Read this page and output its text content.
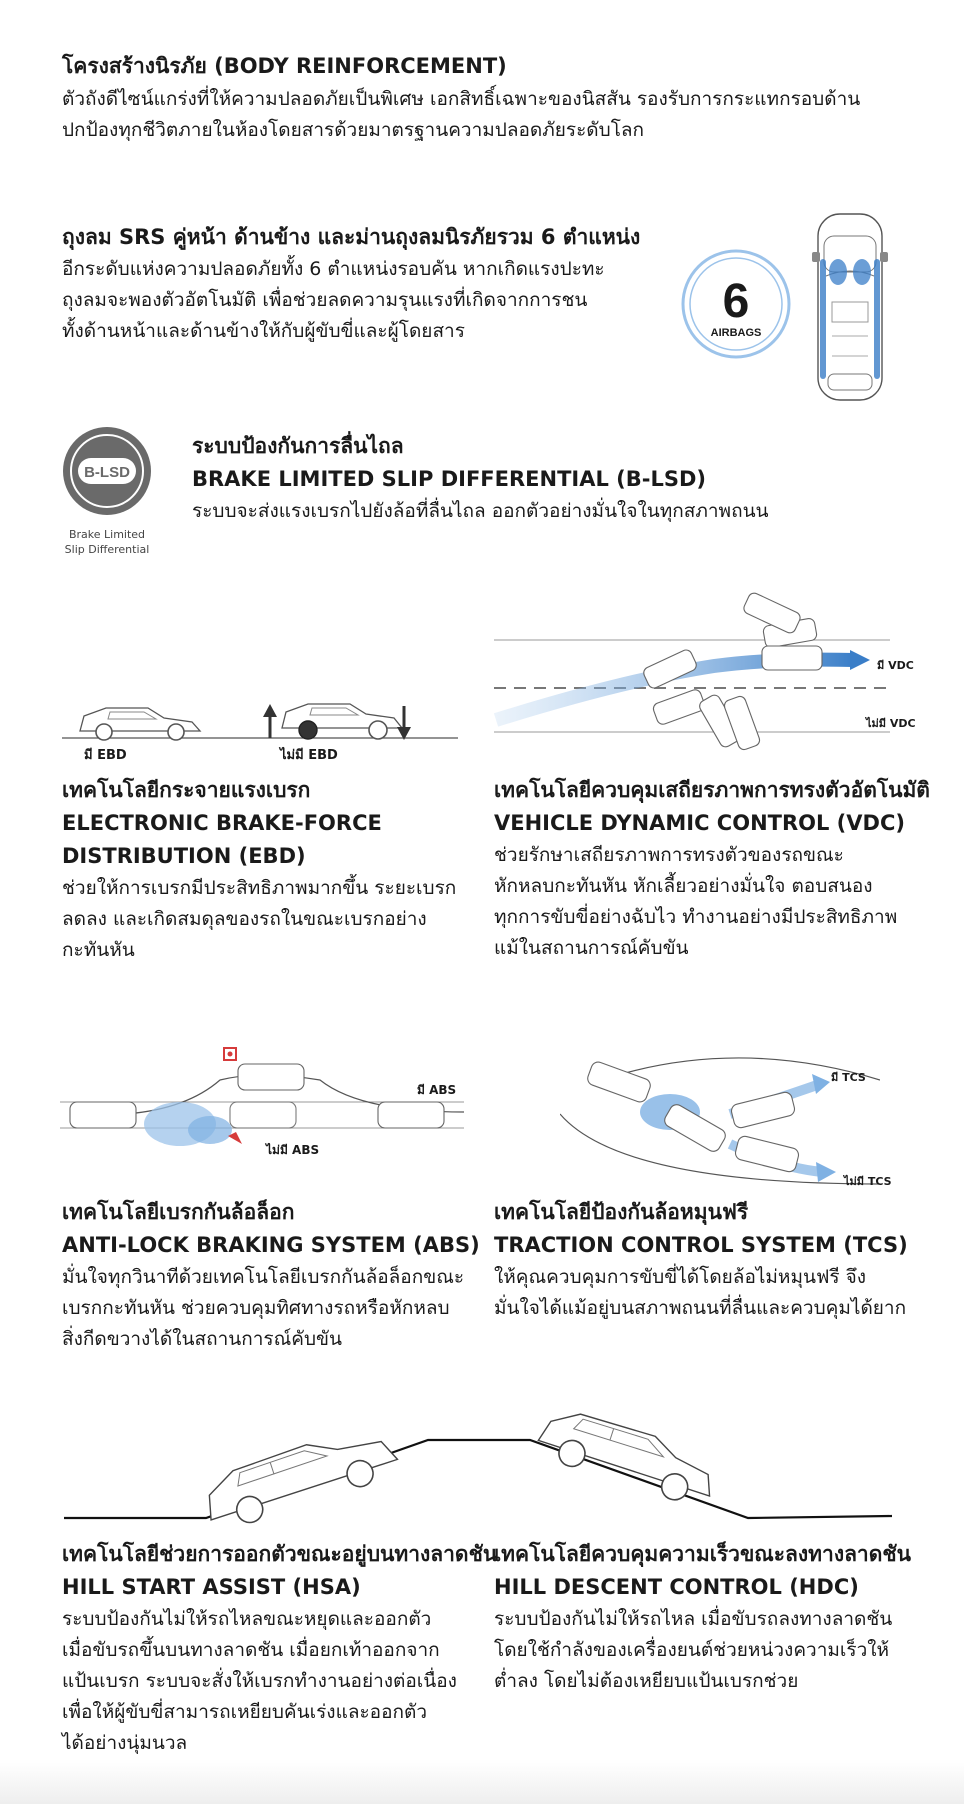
โครงสร้างนิรภัย (BODY REINFORCEMENT)

ตัวถังดีไซน์แกร่งที่ให้ความปลอดภัยเป็นพิเศษ เอกสิทธิ์เฉพาะของนิสสัน รองรับการกระแทกรอบด้าน

ปกป้องทุกชีวิตภายในห้องโดยสารด้วยมาตรฐานความปลอดภัยระดับโลก

ถุงลม SRS คู่หน้า ด้านข้าง และม่านถุงลมนิรภัยรวม 6 ตำแหน่ง

อีกระดับแห่งความปลอดภัยทั้ง 6 ตำแหน่งรอบคัน หากเกิดแรงปะทะ

ถุงลมจะพองตัวอัตโนมัติ เพื่อช่วยลดความรุนแรงที่เกิดจากการชน

ทั้งด้านหน้าและด้านข้างให้กับผู้ขับขี่และผู้โดยสาร

6
AIRBAGS
B-LSD
Brake Limited
Slip Differential

ระบบป้องกันการลื่นไถล

BRAKE LIMITED SLIP DIFFERENTIAL (B-LSD)

ระบบจะส่งแรงเบรกไปยังล้อที่ลื่นไถล ออกตัวอย่างมั่นใจในทุกสภาพถนน

มี EBD	ไม่มี EBD
มี VDC
ไม่มี VDC

เทคโนโลยีกระจายแรงเบรก

ELECTRONIC BRAKE-FORCE

DISTRIBUTION (EBD)

ช่วยให้การเบรกมีประสิทธิภาพมากขึ้น ระยะเบรก

ลดลง และเกิดสมดุลของรถในขณะเบรกอย่าง

กะทันหัน

เทคโนโลยีควบคุมเสถียรภาพการทรงตัวอัตโนมัติ

VEHICLE DYNAMIC CONTROL (VDC)

ช่วยรักษาเสถียรภาพการทรงตัวของรถขณะ

หักหลบกะทันหัน หักเลี้ยวอย่างมั่นใจ ตอบสนอง

ทุกการขับขี่อย่างฉับไว ทำงานอย่างมีประสิทธิภาพ

แม้ในสถานการณ์คับขัน

มี ABS
ไม่มี ABS
มี TCS
ไม่มี TCS

เทคโนโลยีเบรกกันล้อล็อก

ANTI-LOCK BRAKING SYSTEM (ABS)

มั่นใจทุกวินาทีด้วยเทคโนโลยีเบรกกันล้อล็อกขณะ

เบรกกะทันหัน ช่วยควบคุมทิศทางรถหรือหักหลบ

สิ่งกีดขวางได้ในสถานการณ์คับขัน

เทคโนโลยีป้องกันล้อหมุนฟรี

TRACTION CONTROL SYSTEM (TCS)

ให้คุณควบคุมการขับขี่ได้โดยล้อไม่หมุนฟรี จึง

มั่นใจได้แม้อยู่บนสภาพถนนที่ลื่นและควบคุมได้ยาก

เทคโนโลยีช่วยการออกตัวขณะอยู่บนทางลาดชัน

HILL START ASSIST (HSA)

ระบบป้องกันไม่ให้รถไหลขณะหยุดและออกตัว

เมื่อขับรถขึ้นบนทางลาดชัน เมื่อยกเท้าออกจาก

แป้นเบรก ระบบจะสั่งให้เบรกทำงานอย่างต่อเนื่อง

เพื่อให้ผู้ขับขี่สามารถเหยียบคันเร่งและออกตัว

ได้อย่างนุ่มนวล

เทคโนโลยีควบคุมความเร็วขณะลงทางลาดชัน

HILL DESCENT CONTROL (HDC)

ระบบป้องกันไม่ให้รถไหล เมื่อขับรถลงทางลาดชัน

โดยใช้กำลังของเครื่องยนต์ช่วยหน่วงความเร็วให้

ต่ำลง โดยไม่ต้องเหยียบแป้นเบรกช่วย
